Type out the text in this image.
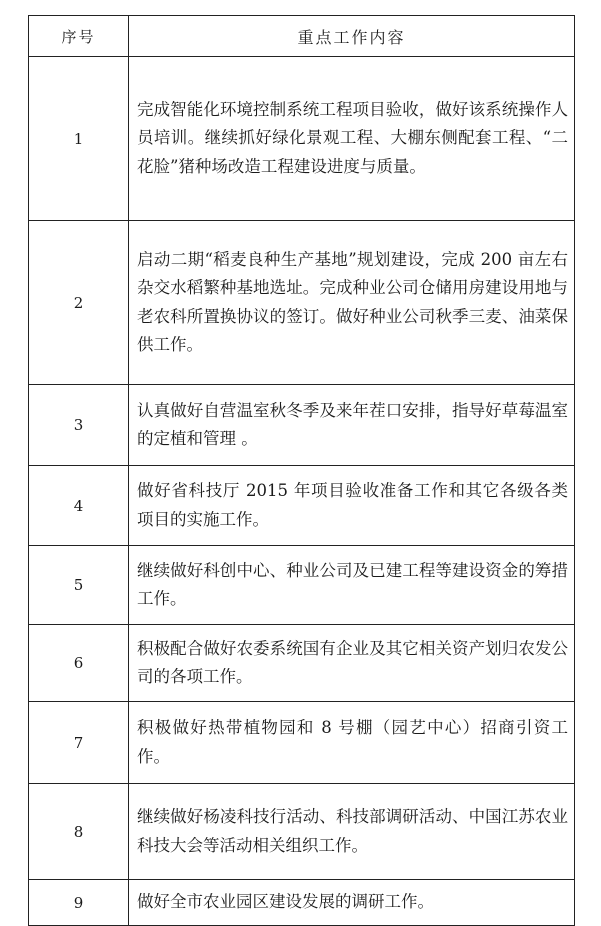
序号	重点工作内容
1	完成智能化环境控制系统工程项目验收，做好该系统操作人员培训。继续抓好绿化景观工程、大棚东侧配套工程、“二花脸”猪种场改造工程建设进度与质量。
2	启动二期“稻麦良种生产基地”规划建设，完成 200 亩左右杂交水稻繁种基地选址。完成种业公司仓储用房建设用地与老农科所置换协议的签订。做好种业公司秋季三麦、油菜保供工作。
3	认真做好自营温室秋冬季及来年茬口安排，指导好草莓温室的定植和管理 。
4	做好省科技厅 2015 年项目验收准备工作和其它各级各类项目的实施工作。
5	继续做好科创中心、种业公司及已建工程等建设资金的筹措工作。
6	积极配合做好农委系统国有企业及其它相关资产划归农发公司的各项工作。
7	积极做好热带植物园和 8 号棚（园艺中心）招商引资工作。
8	继续做好杨凌科技行活动、科技部调研活动、中国江苏农业科技大会等活动相关组织工作。
9	做好全市农业园区建设发展的调研工作。
